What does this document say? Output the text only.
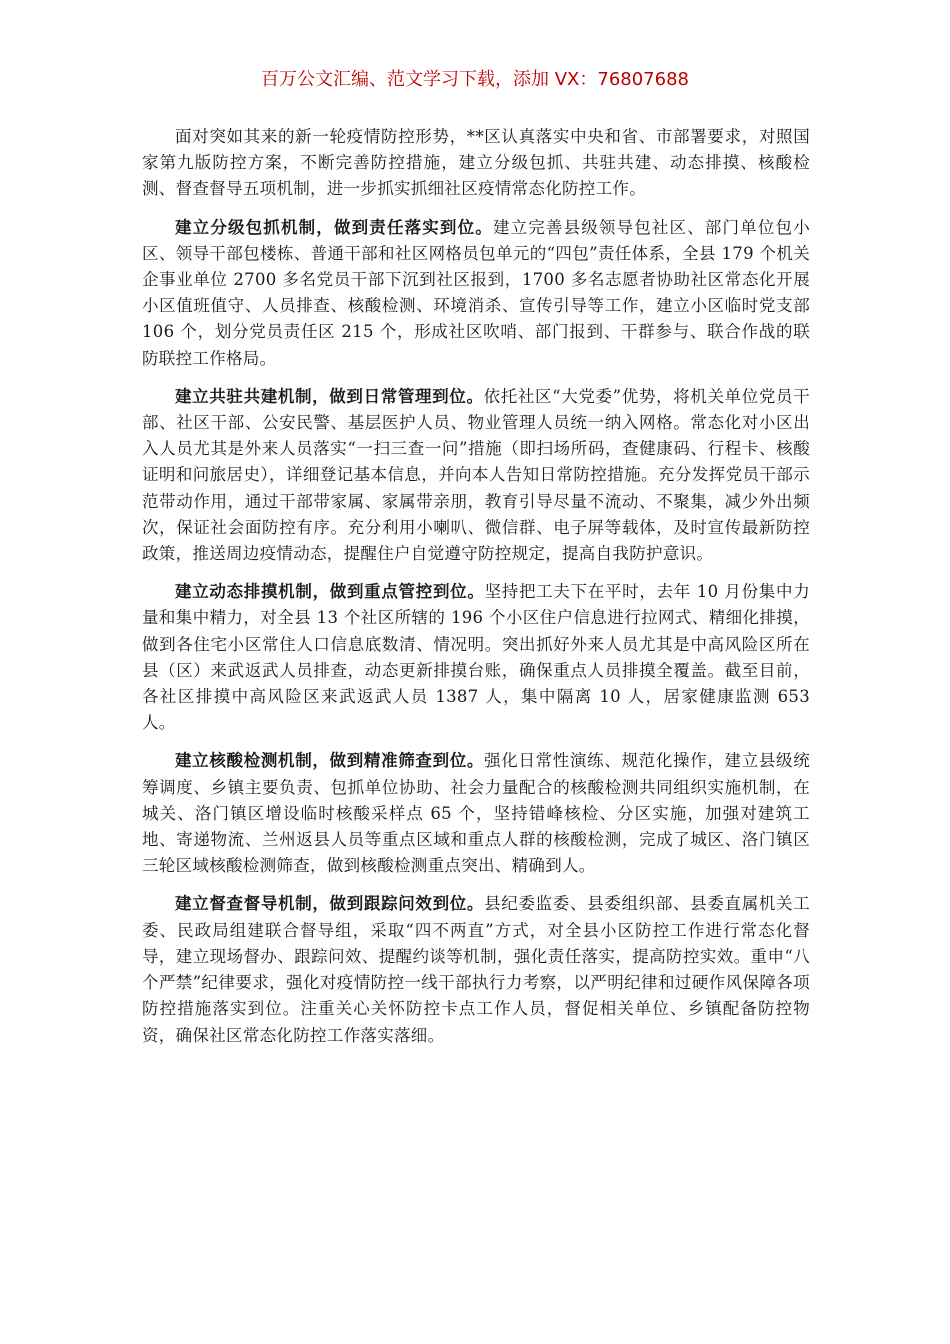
百万公文汇编、范文学习下载，添加 VX：76807688

面对突如其来的新一轮疫情防控形势，**区认真落实中央和省、市部署要求，对照国家第九版防控方案，不断完善防控措施，建立分级包抓、共驻共建、动态排摸、核酸检测、督查督导五项机制，进一步抓实抓细社区疫情常态化防控工作。

建立分级包抓机制，做到责任落实到位。建立完善县级领导包社区、部门单位包小区、领导干部包楼栋、普通干部和社区网格员包单元的“四包”责任体系，全县 179 个机关企事业单位 2700 多名党员干部下沉到社区报到，1700 多名志愿者协助社区常态化开展小区值班值守、人员排查、核酸检测、环境消杀、宣传引导等工作，建立小区临时党支部 106 个，划分党员责任区 215 个，形成社区吹哨、部门报到、干群参与、联合作战的联防联控工作格局。

建立共驻共建机制，做到日常管理到位。依托社区“大党委”优势，将机关单位党员干部、社区干部、公安民警、基层医护人员、物业管理人员统一纳入网格。常态化对小区出入人员尤其是外来人员落实“一扫三查一问”措施（即扫场所码，查健康码、行程卡、核酸证明和问旅居史），详细登记基本信息，并向本人告知日常防控措施。充分发挥党员干部示范带动作用，通过干部带家属、家属带亲朋，教育引导尽量不流动、不聚集，减少外出频次，保证社会面防控有序。充分利用小喇叭、微信群、电子屏等载体，及时宣传最新防控政策，推送周边疫情动态，提醒住户自觉遵守防控规定，提高自我防护意识。

建立动态排摸机制，做到重点管控到位。坚持把工夫下在平时，去年 10 月份集中力量和集中精力，对全县 13 个社区所辖的 196 个小区住户信息进行拉网式、精细化排摸，做到各住宅小区常住人口信息底数清、情况明。突出抓好外来人员尤其是中高风险区所在县（区）来武返武人员排查，动态更新排摸台账，确保重点人员排摸全覆盖。截至目前，各社区排摸中高风险区来武返武人员 1387 人，集中隔离 10 人，居家健康监测 653 人。

建立核酸检测机制，做到精准筛查到位。强化日常性演练、规范化操作，建立县级统筹调度、乡镇主要负责、包抓单位协助、社会力量配合的核酸检测共同组织实施机制，在城关、洛门镇区增设临时核酸采样点 65 个，坚持错峰核检、分区实施，加强对建筑工地、寄递物流、兰州返县人员等重点区域和重点人群的核酸检测，完成了城区、洛门镇区三轮区域核酸检测筛查，做到核酸检测重点突出、精确到人。

建立督查督导机制，做到跟踪问效到位。县纪委监委、县委组织部、县委直属机关工委、民政局组建联合督导组，采取“四不两直”方式，对全县小区防控工作进行常态化督导，建立现场督办、跟踪问效、提醒约谈等机制，强化责任落实，提高防控实效。重申“八个严禁”纪律要求，强化对疫情防控一线干部执行力考察，以严明纪律和过硬作风保障各项防控措施落实到位。注重关心关怀防控卡点工作人员，督促相关单位、乡镇配备防控物资，确保社区常态化防控工作落实落细。
